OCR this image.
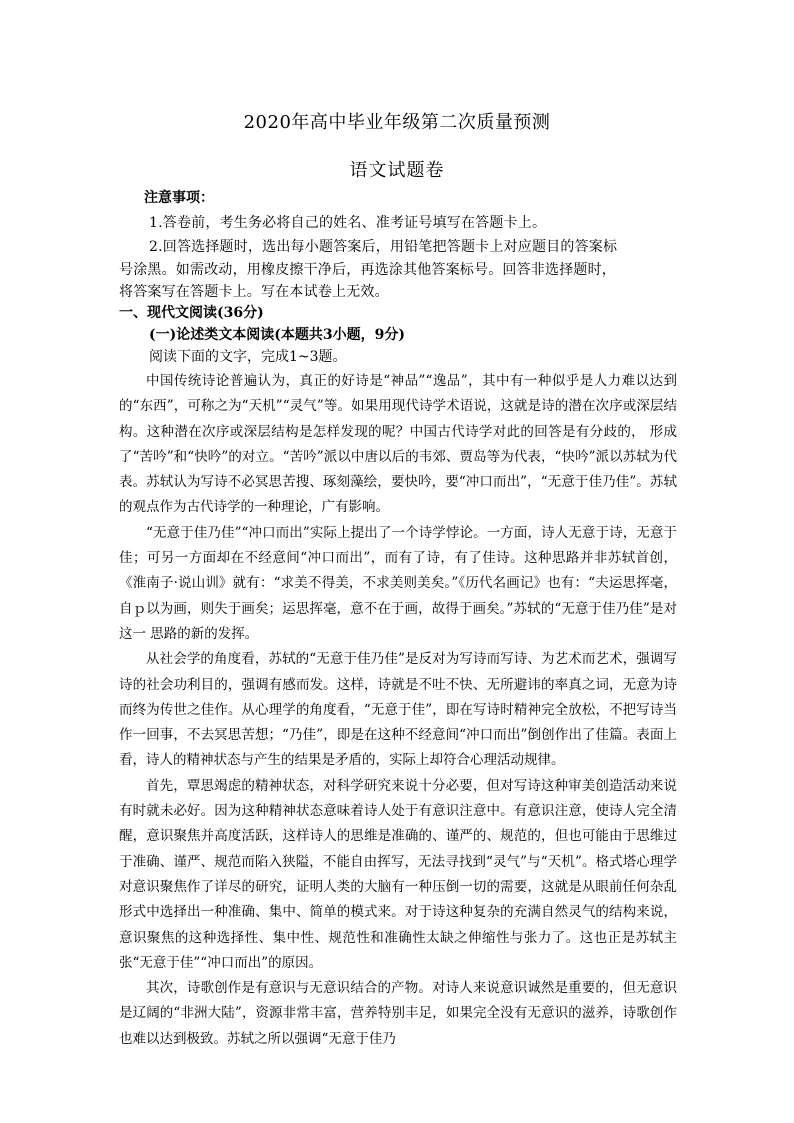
2020年高中毕业年级第二次质量预测
语文试题卷
注意事项：
1.答卷前，考生务必将自己的姓名、准考证号填写在答题卡上。
2.回答选择题时，选出每小题答案后，用铅笔把答题卡上对应题目的答案标
号涂黑。如需改动，用橡皮擦干净后，再选涂其他答案标号。回答非选择题时，
将答案写在答题卡上。写在本试卷上无效。
一、现代文阅读(36分)
(一)论述类文本阅读(本题共3小题，9分)
阅读下面的文字，完成1~3题。

中国传统诗论普遍认为，真正的好诗是“神品”“逸品”，其中有一种似乎是人力难以达到的“东西”，可称之为“天机”“灵气”等。如果用现代诗学术语说，这就是诗的潜在次序或深层结构。这种潜在次序或深层结构是怎样发现的呢？中国古代诗学对此的回答是有分歧的， 形成了“苦吟”和“快吟”的对立。“苦吟”派以中唐以后的韦郊、贾岛等为代表，“快吟”派以苏轼为代表。苏轼认为写诗不必冥思苦搜、琢刻藻绘，要快吟，要“冲口而出”，“无意于佳乃佳”。苏轼的观点作为古代诗学的一种理论，广有影响。

“无意于佳乃佳”“冲口而出”实际上提出了一个诗学悖论。一方面，诗人无意于诗，无意于佳；可另一方面却在不经意间“冲口而出”，而有了诗，有了佳诗。这种思路并非苏轼首创，《淮南子·说山训》就有：“求美不得美，不求美则美矣。”《历代名画记》也有：“夫运思挥毫，自ｐ以为画，则失于画矣；运思挥毫，意不在于画，故得于画矣。”苏轼的“无意于佳乃佳”是对这一 思路的新的发挥。

从社会学的角度看，苏轼的“无意于佳乃佳”是反对为写诗而写诗、为艺术而艺术，强调写诗的社会功利目的，强调有感而发。这样，诗就是不吐不快、无所避讳的率真之词，无意为诗而终为传世之佳作。从心理学的角度看，“无意于佳”，即在写诗时精神完全放松，不把写诗当作一回事，不去冥思苦想；“乃佳”，即是在这种不经意间“冲口而出”倒创作出了佳篇。表面上看，诗人的精神状态与产生的结果是矛盾的，实际上却符合心理活动规律。

首先，覃思竭虑的精神状态，对科学研究来说十分必要，但对写诗这种审美创造活动来说有时就未必好。因为这种精神状态意味着诗人处于有意识注意中。有意识注意，使诗人完全清醒，意识聚焦并高度活跃，这样诗人的思维是准确的、谨严的、规范的，但也可能由于思维过于准确、谨严、规范而陷入狭隘，不能自由挥写，无法寻找到“灵气”与“天机”。格式塔心理学对意识聚焦作了详尽的研究，证明人类的大脑有一种压倒一切的需要，这就是从眼前任何杂乱形式中选择出一种准确、集中、简单的模式来。对于诗这种复杂的充满自然灵气的结构来说，意识聚焦的这种选择性、集中性、规范性和准确性太缺之伸缩性与张力了。这也正是苏轼主张“无意于佳”“冲口而出”的原因。

其次，诗歌创作是有意识与无意识结合的产物。对诗人来说意识诚然是重要的，但无意识是辽阔的“非洲大陆”，资源非常丰富，营养特别丰足，如果完全没有无意识的滋养，诗歌创作也难以达到极致。苏轼之所以强调“无意于佳乃
